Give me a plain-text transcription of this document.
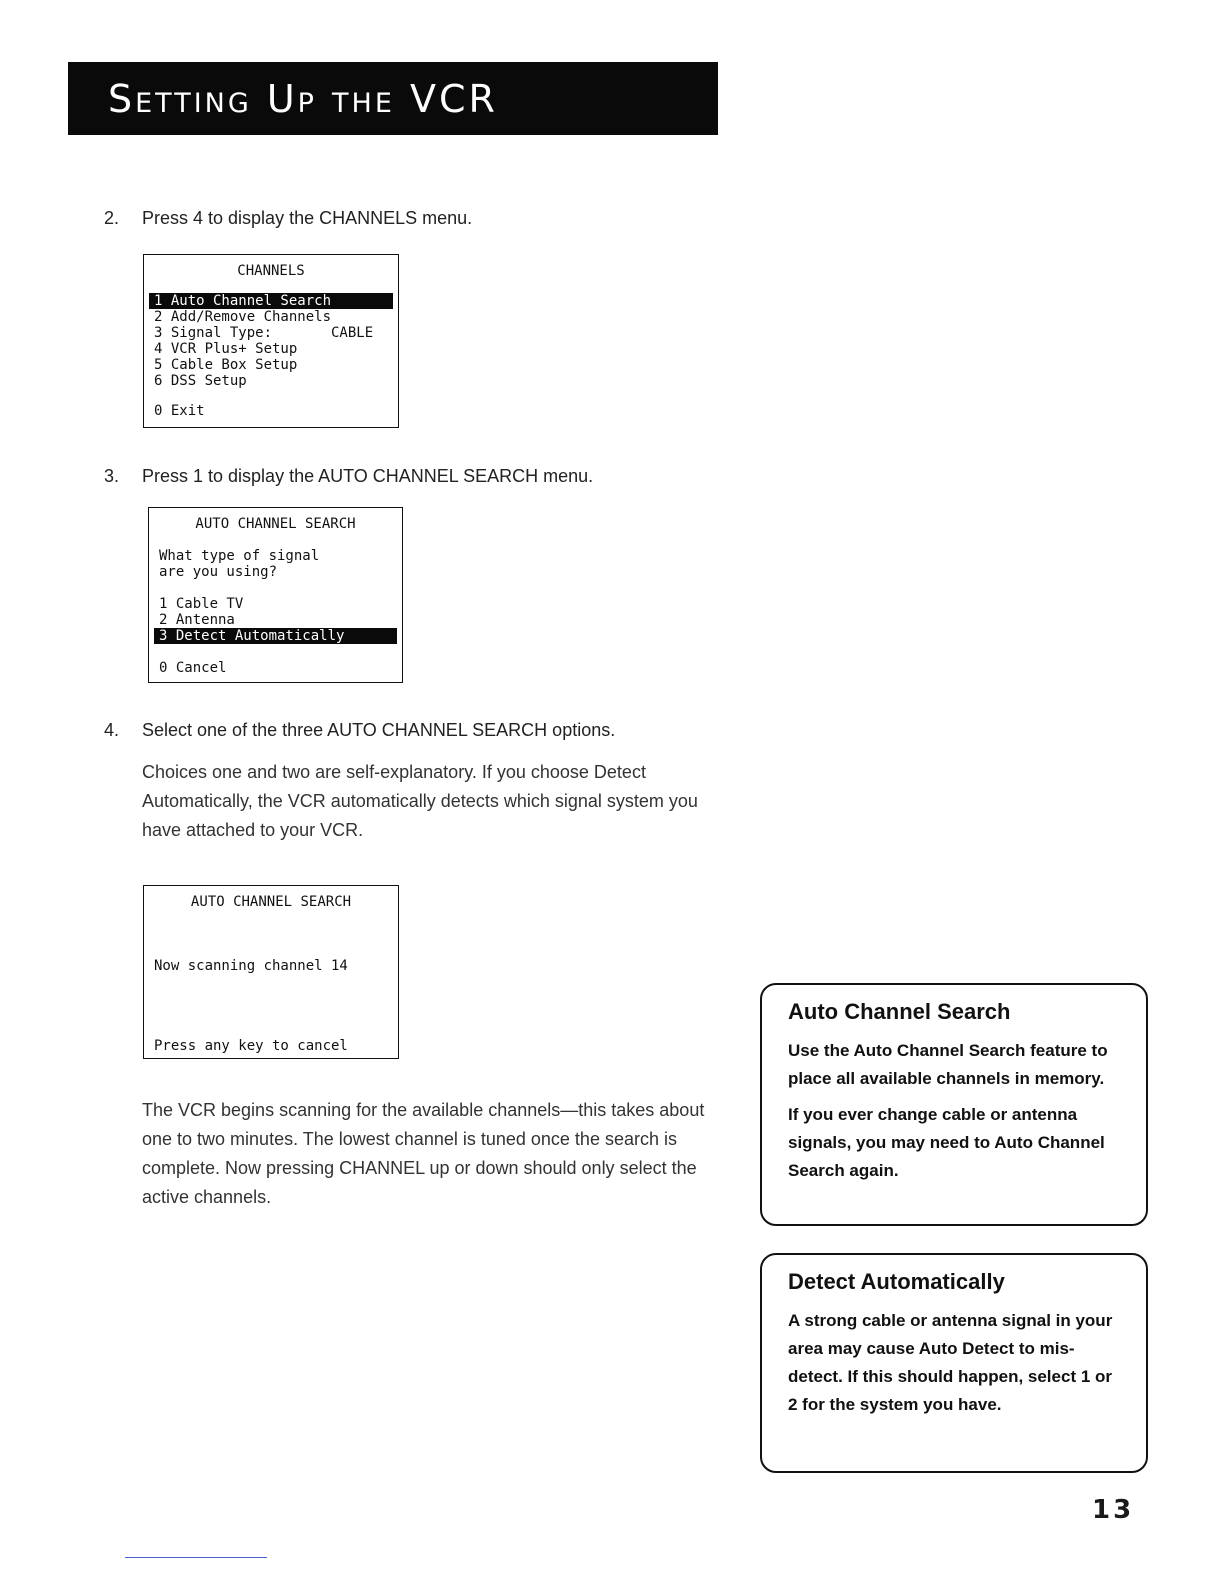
Setting Up the VCR
2. Press 4 to display the CHANNELS menu.
CHANNELS
1 Auto Channel Search
2 Add/Remove Channels
3 Signal Type:       CABLE
4 VCR Plus+ Setup
5 Cable Box Setup
6 DSS Setup
0 Exit
3. Press 1 to display the AUTO CHANNEL SEARCH menu.
AUTO CHANNEL SEARCH
What type of signal
are you using?
1 Cable TV
2 Antenna
3 Detect Automatically
0 Cancel
4. Select one of the three AUTO CHANNEL SEARCH options.
Choices one and two are self-explanatory. If you choose Detect Automatically, the VCR automatically detects which signal system you have attached to your VCR.
AUTO CHANNEL SEARCH
Now scanning channel 14
Press any key to cancel
The VCR begins scanning for the available channels—this takes about one to two minutes. The lowest channel is tuned once the search is complete. Now pressing CHANNEL up or down should only select the active channels.
Auto Channel Search

Use the Auto Channel Search feature to place all available channels in memory.

If you ever change cable or antenna signals, you may need to Auto Channel Search again.

Detect Automatically

A strong cable or antenna signal in your area may cause Auto Detect to mis-detect. If this should happen, select 1 or 2 for the system you have.

13
